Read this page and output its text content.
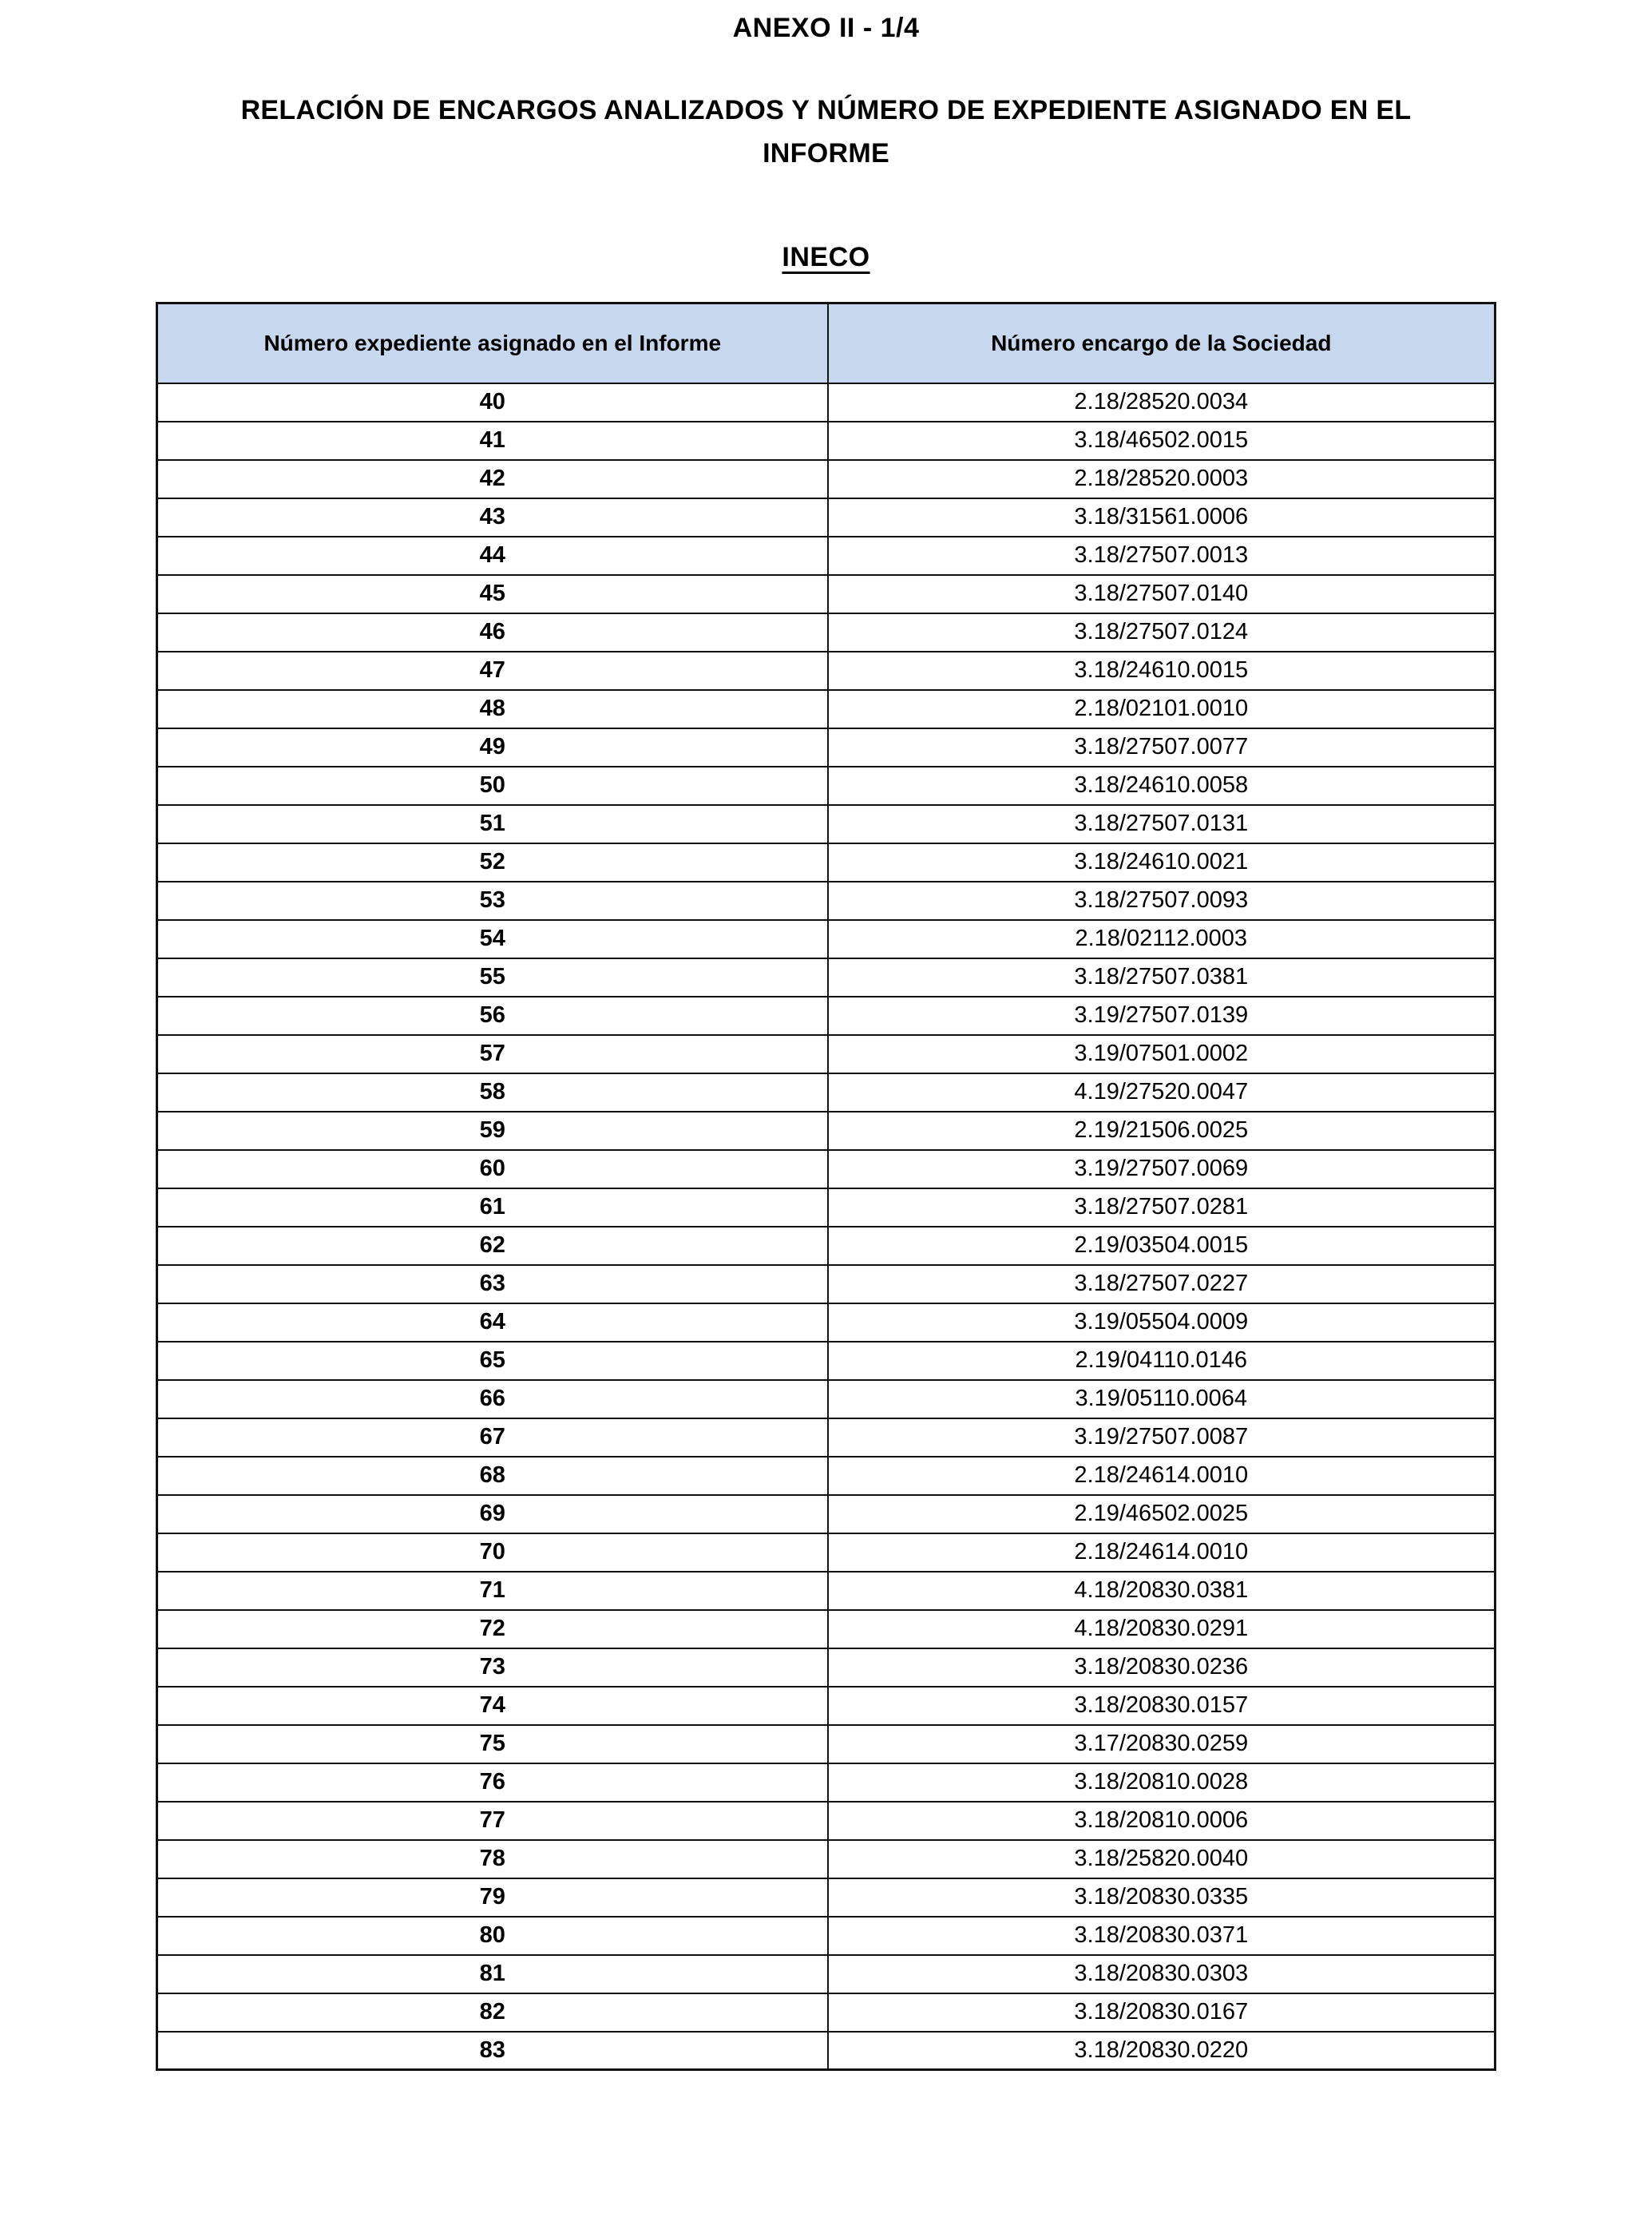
ANEXO II - 1/4
RELACIÓN DE ENCARGOS ANALIZADOS Y NÚMERO DE EXPEDIENTE ASIGNADO EN EL
INFORME
INECO
Número expediente asignado en el Informe	Número encargo de la Sociedad
40	2.18/28520.0034
41	3.18/46502.0015
42	2.18/28520.0003
43	3.18/31561.0006
44	3.18/27507.0013
45	3.18/27507.0140
46	3.18/27507.0124
47	3.18/24610.0015
48	2.18/02101.0010
49	3.18/27507.0077
50	3.18/24610.0058
51	3.18/27507.0131
52	3.18/24610.0021
53	3.18/27507.0093
54	2.18/02112.0003
55	3.18/27507.0381
56	3.19/27507.0139
57	3.19/07501.0002
58	4.19/27520.0047
59	2.19/21506.0025
60	3.19/27507.0069
61	3.18/27507.0281
62	2.19/03504.0015
63	3.18/27507.0227
64	3.19/05504.0009
65	2.19/04110.0146
66	3.19/05110.0064
67	3.19/27507.0087
68	2.18/24614.0010
69	2.19/46502.0025
70	2.18/24614.0010
71	4.18/20830.0381
72	4.18/20830.0291
73	3.18/20830.0236
74	3.18/20830.0157
75	3.17/20830.0259
76	3.18/20810.0028
77	3.18/20810.0006
78	3.18/25820.0040
79	3.18/20830.0335
80	3.18/20830.0371
81	3.18/20830.0303
82	3.18/20830.0167
83	3.18/20830.0220
